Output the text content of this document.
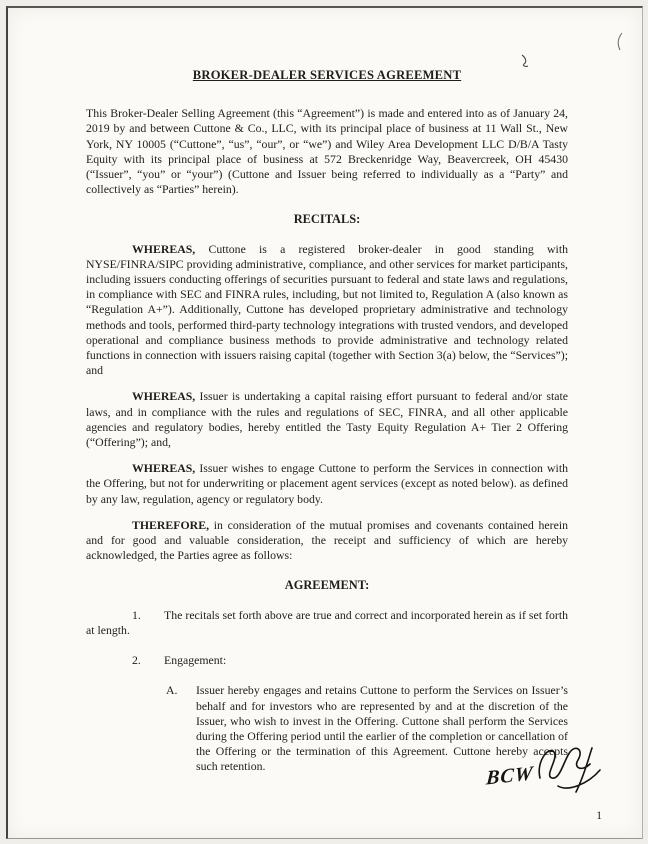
BROKER-DEALER SERVICES AGREEMENT

This Broker-Dealer Selling Agreement (this “Agreement”) is made and entered into as of January 24, 2019 by and between Cuttone & Co., LLC, with its principal place of business at 11 Wall St., New York, NY 10005 (“Cuttone”, “us”, “our”, or “we”) and Wiley Area Development LLC D/B/A Tasty Equity with its principal place of business at 572 Breckenridge Way, Beavercreek, OH 45430 (“Issuer”, “you” or “your”) (Cuttone and Issuer being referred to individually as a “Party” and collectively as “Parties” herein).

RECITALS:

WHEREAS, Cuttone is a registered broker-dealer in good standing with NYSE/FINRA/SIPC providing administrative, compliance, and other services for market participants, including issuers conducting offerings of securities pursuant to federal and state laws and regulations, in compliance with SEC and FINRA rules, including, but not limited to, Regulation A (also known as “Regulation A+”). Additionally, Cuttone has developed proprietary administrative and technology methods and tools, performed third-party technology integrations with trusted vendors, and developed operational and compliance business methods to provide administrative and technology related functions in connection with issuers raising capital (together with Section 3(a) below, the “Services”); and

WHEREAS, Issuer is undertaking a capital raising effort pursuant to federal and/or state laws, and in compliance with the rules and regulations of SEC, FINRA, and all other applicable agencies and regulatory bodies, hereby entitled the Tasty Equity Regulation A+ Tier 2 Offering (“Offering”); and,

WHEREAS, Issuer wishes to engage Cuttone to perform the Services in connection with the Offering, but not for underwriting or placement agent services (except as noted below). as defined by any law, regulation, agency or regulatory body.

THEREFORE, in consideration of the mutual promises and covenants contained herein and for good and valuable consideration, the receipt and sufficiency of which are hereby acknowledged, the Parties agree as follows:

AGREEMENT:

1. The recitals set forth above are true and correct and incorporated herein as if set forth at length.

2. Engagement:

A. Issuer hereby engages and retains Cuttone to perform the Services on Issuer’s behalf and for investors who are represented by and at the discretion of the Issuer, who wish to invest in the Offering. Cuttone shall perform the Services during the Offering period until the earlier of the completion or cancellation of the Offering or the termination of this Agreement. Cuttone hereby accepts such retention.	BCW
1
